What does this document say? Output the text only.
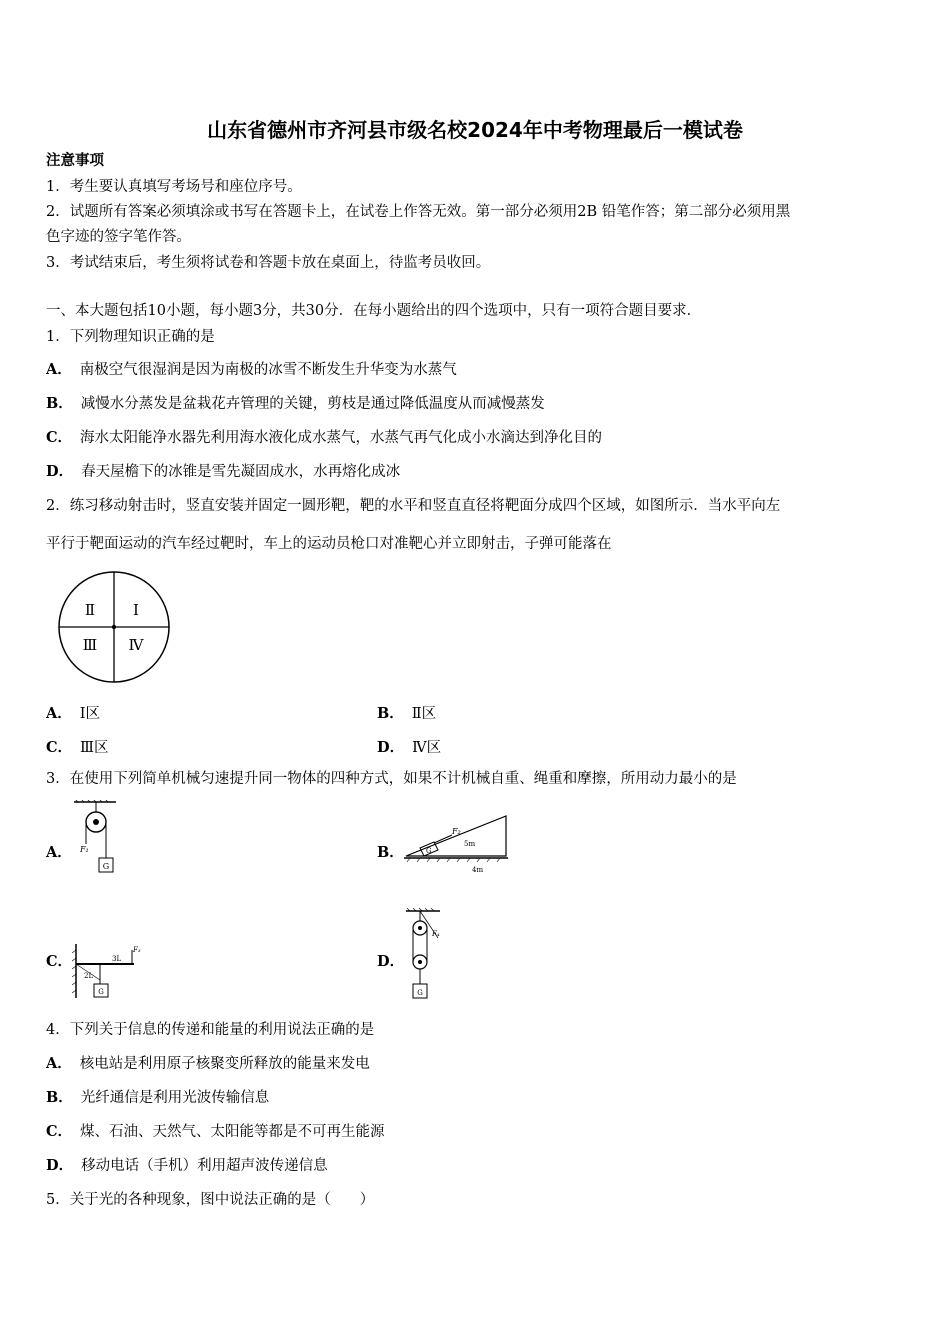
山东省德州市齐河县市级名校2024年中考物理最后一模试卷
注意事项
1．考生要认真填写考场号和座位序号。
2．试题所有答案必须填涂或书写在答题卡上，在试卷上作答无效。第一部分必须用2B 铅笔作答；第二部分必须用黑
色字迹的签字笔作答。
3．考试结束后，考生须将试卷和答题卡放在桌面上，待监考员收回。
一、本大题包括10小题，每小题3分，共30分．在每小题给出的四个选项中，只有一项符合题目要求．
1．下列物理知识正确的是
A． 南极空气很湿润是因为南极的冰雪不断发生升华变为水蒸气
B． 减慢水分蒸发是盆栽花卉管理的关键，剪枝是通过降低温度从而减慢蒸发
C． 海水太阳能净水器先利用海水液化成水蒸气，水蒸气再气化成小水滴达到净化目的
D． 春天屋檐下的冰锥是雪先凝固成水，水再熔化成冰
2．练习移动射击时，竖直安装并固定一圆形靶，靶的水平和竖直直径将靶面分成四个区域，如图所示．当水平向左
平行于靶面运动的汽车经过靶时，车上的运动员枪口对准靶心并立即射击，子弹可能落在
Ⅱ	Ⅰ
Ⅲ Ⅳ
A． Ⅰ区	B． Ⅱ区
C． Ⅲ区	D． Ⅳ区
3．在使用下列简单机械匀速提升同一物体的四种方式，如果不计机械自重、绳重和摩擦，所用动力最小的是
A． F₁
G
B．	G
F₂
5m
4m
C．
G
F₃
3L
2L
D．
F₄
G
4．下列关于信息的传递和能量的利用说法正确的是
A． 核电站是利用原子核聚变所释放的能量来发电
B． 光纤通信是利用光波传输信息
C． 煤、石油、天然气、太阳能等都是不可再生能源
D． 移动电话（手机）利用超声波传递信息
5．关于光的各种现象，图中说法正确的是（　　）
